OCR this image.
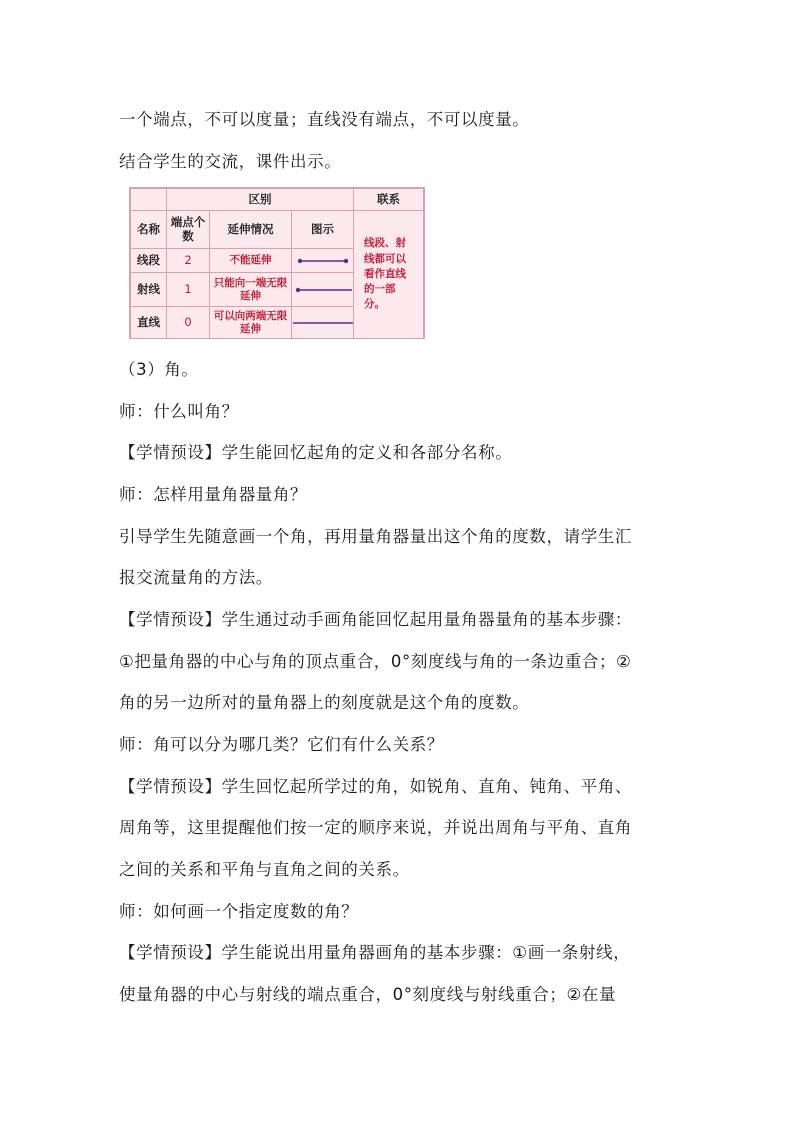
一个端点，不可以度量；直线没有端点，不可以度量。
结合学生的交流，课件出示。
	区别			联系
名称	端点个数	延伸情况	图示	线段、射线都可以看作直线的一部分。
线段	2	不能延伸	

射线	1	只能向一端无限延伸	

直线	0	可以向两端无限延伸	
（3）角。
师：什么叫角？
【学情预设】学生能回忆起角的定义和各部分名称。
师：怎样用量角器量角？
引导学生先随意画一个角，再用量角器量出这个角的度数，请学生汇
报交流量角的方法。
【学情预设】学生通过动手画角能回忆起用量角器量角的基本步骤：
①把量角器的中心与角的顶点重合，0°刻度线与角的一条边重合；②
角的另一边所对的量角器上的刻度就是这个角的度数。
师：角可以分为哪几类？它们有什么关系？
【学情预设】学生回忆起所学过的角，如锐角、直角、钝角、平角、
周角等，这里提醒他们按一定的顺序来说，并说出周角与平角、直角
之间的关系和平角与直角之间的关系。
师：如何画一个指定度数的角？
【学情预设】学生能说出用量角器画角的基本步骤：①画一条射线，
使量角器的中心与射线的端点重合，0°刻度线与射线重合；②在量
